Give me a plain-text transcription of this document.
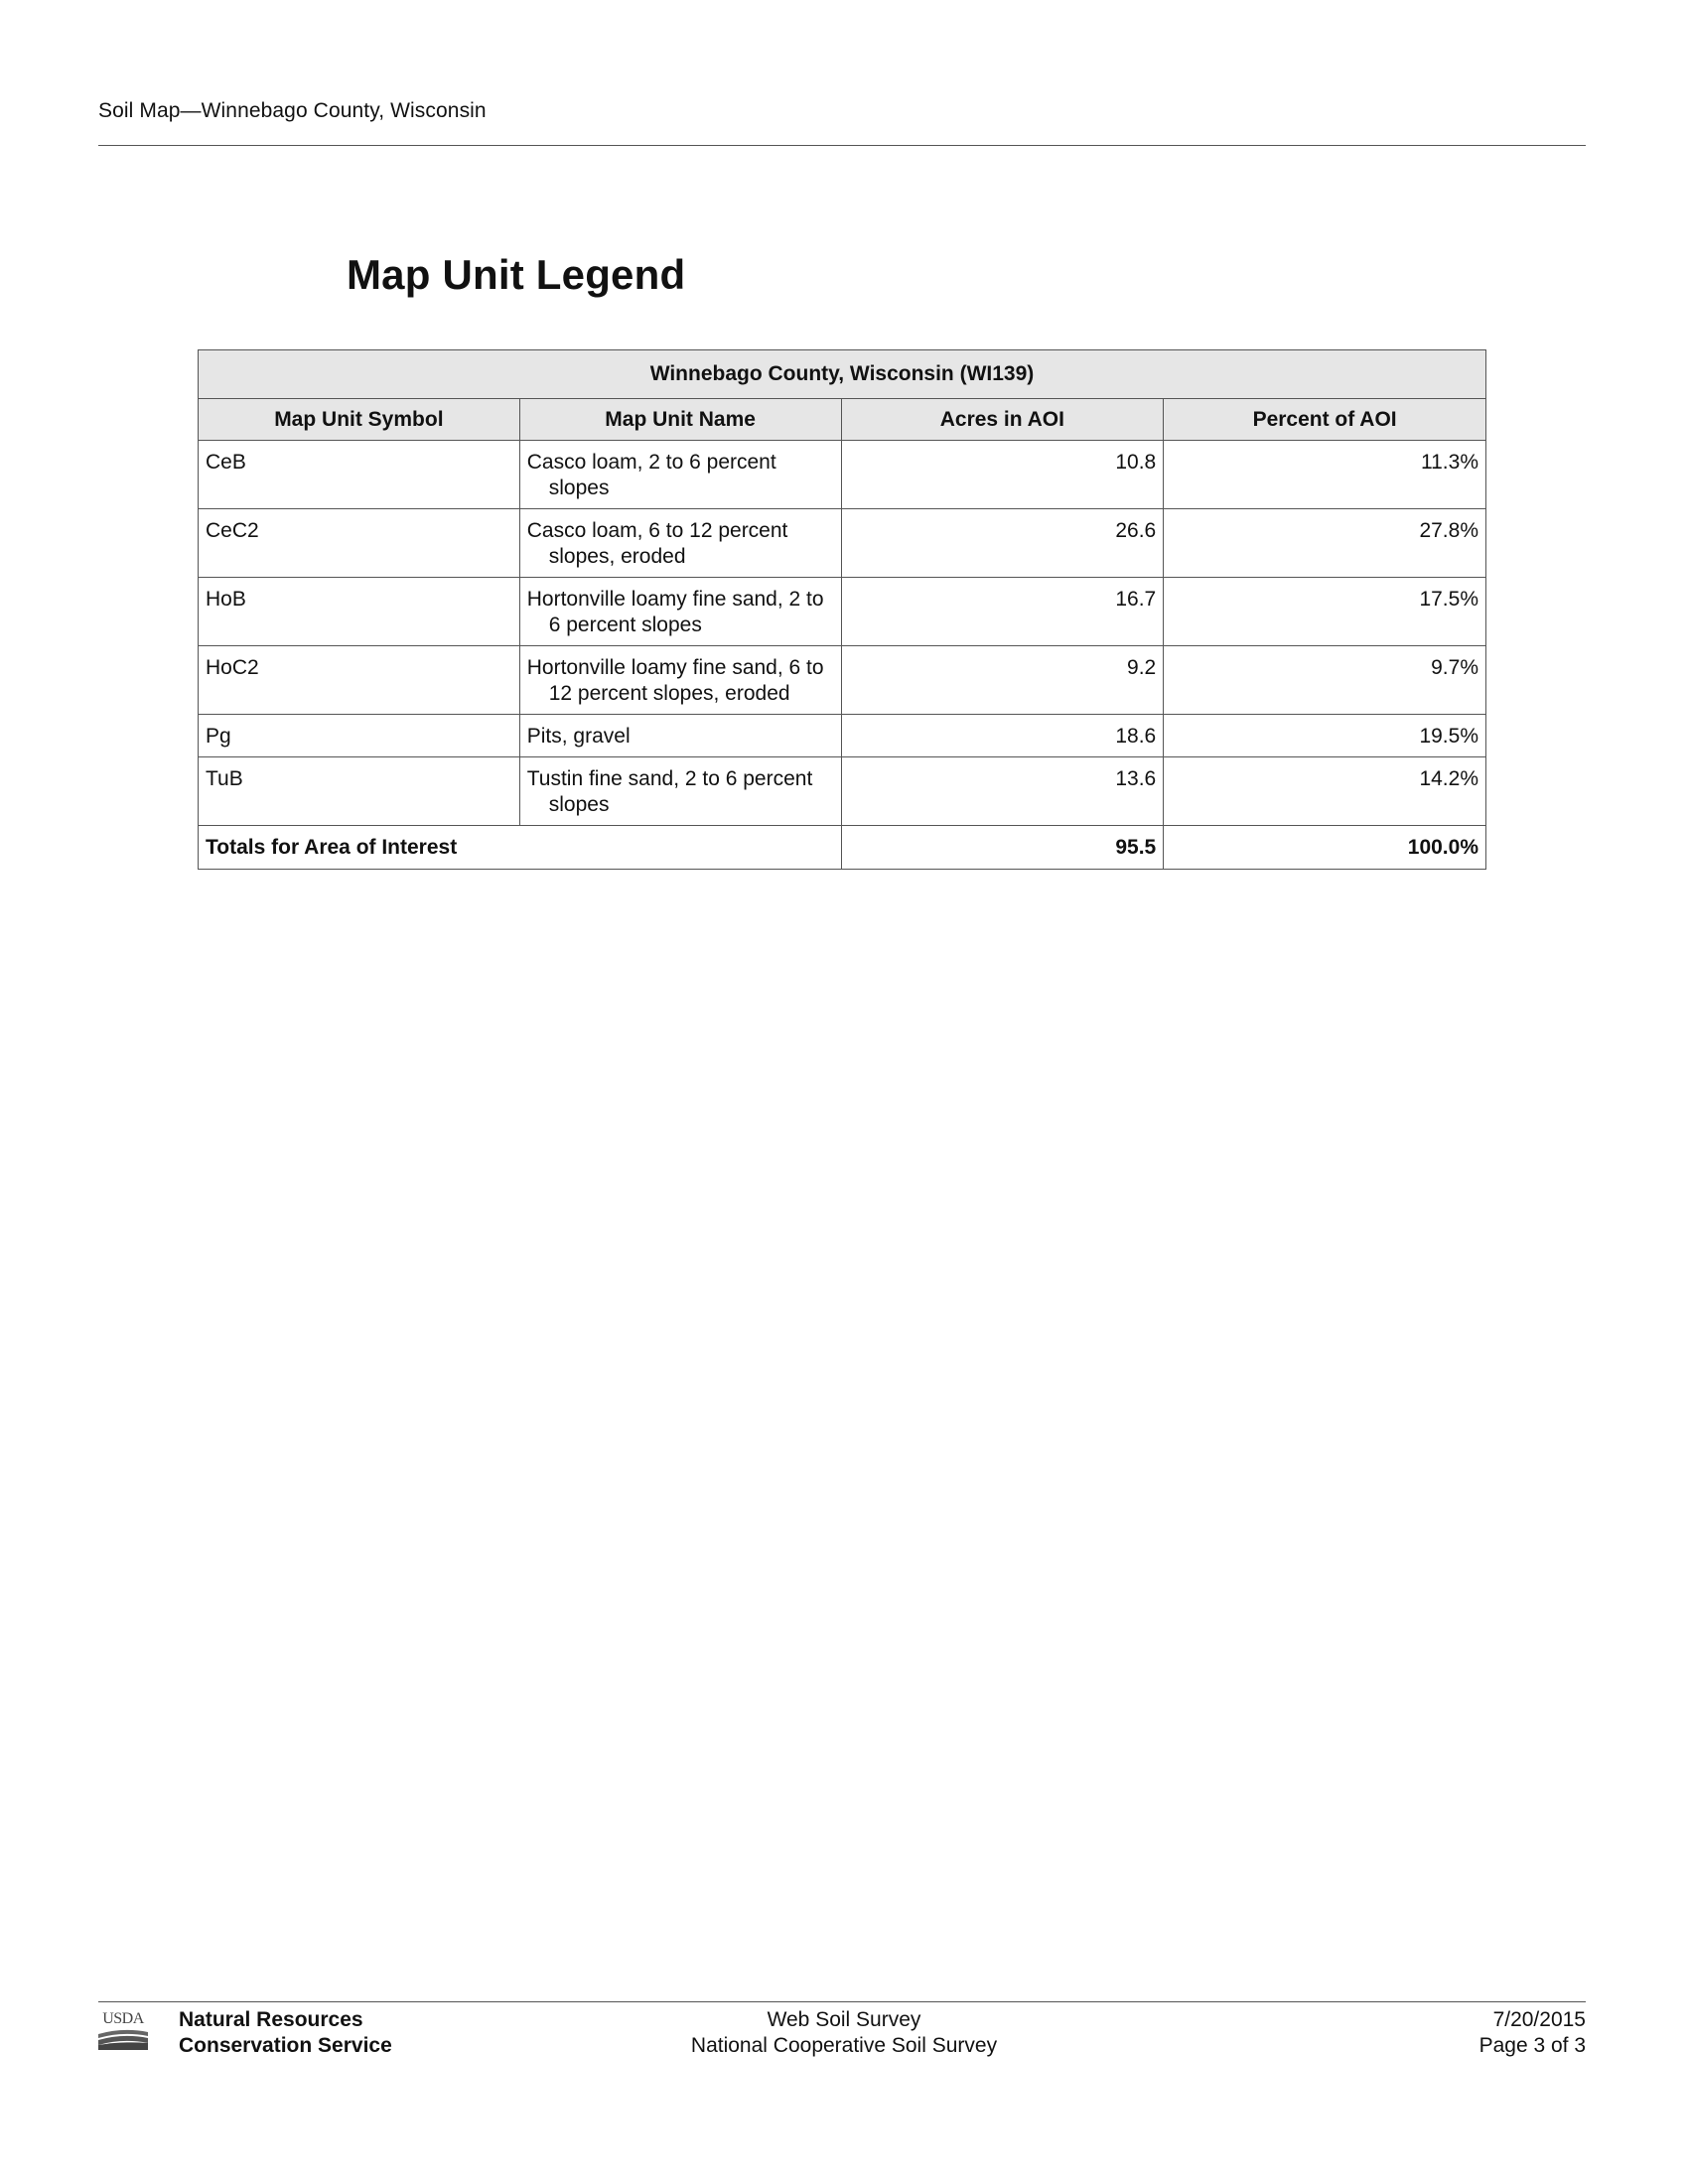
Soil Map—Winnebago County, Wisconsin
Map Unit Legend
Winnebago County, Wisconsin (WI139)			
Map Unit Symbol	Map Unit Name	Acres in AOI	Percent of AOI
CeB	Casco loam, 2 to 6 percent slopes	10.8	11.3%
CeC2	Casco loam, 6 to 12 percent slopes, eroded	26.6	27.8%
HoB	Hortonville loamy fine sand, 2 to 6 percent slopes	16.7	17.5%
HoC2	Hortonville loamy fine sand, 6 to 12 percent slopes, eroded	9.2	9.7%
Pg	Pits, gravel	18.6	19.5%
TuB	Tustin fine sand, 2 to 6 percent slopes	13.6	14.2%
Totals for Area of Interest		95.5	100.0%
USDA Natural Resources
Conservation Service
Web Soil Survey
National Cooperative Soil Survey
7/20/2015
Page 3 of 3
